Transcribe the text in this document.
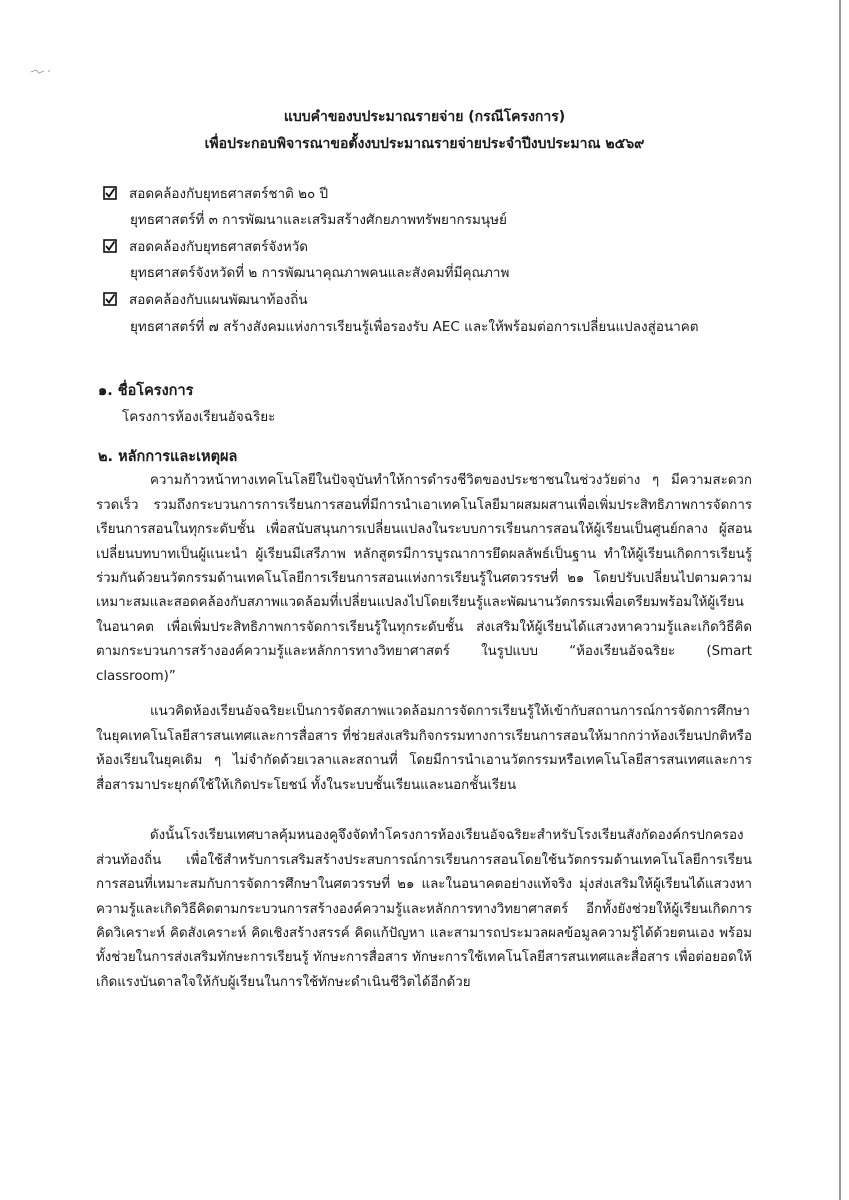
แบบคำของบประมาณรายจ่าย (กรณีโครงการ)
เพื่อประกอบพิจารณาขอตั้งงบประมาณรายจ่ายประจำปีงบประมาณ ๒๕๖๙
สอดคล้องกับยุทธศาสตร์ชาติ ๒๐ ปี
ยุทธศาสตร์ที่ ๓ การพัฒนาและเสริมสร้างศักยภาพทรัพยากรมนุษย์
สอดคล้องกับยุทธศาสตร์จังหวัด
ยุทธศาสตร์จังหวัดที่ ๒ การพัฒนาคุณภาพคนและสังคมที่มีคุณภาพ
สอดคล้องกับแผนพัฒนาท้องถิ่น
ยุทธศาสตร์ที่ ๗ สร้างสังคมแห่งการเรียนรู้เพื่อรองรับ AEC และให้พร้อมต่อการเปลี่ยนแปลงสู่อนาคต
๑. ชื่อโครงการ
โครงการห้องเรียนอัจฉริยะ
๒. หลักการและเหตุผล

ความก้าวหน้าทางเทคโนโลยีในปัจจุบันทำให้การดำรงชีวิตของประชาชนในช่วงวัยต่าง ๆ มีความสะดวก รวดเร็ว รวมถึงกระบวนการการเรียนการสอนที่มีการนำเอาเทคโนโลยีมาผสมผสานเพื่อเพิ่มประสิทธิภาพการจัดการเรียนการสอนในทุกระดับชั้น เพื่อสนับสนุนการเปลี่ยนแปลงในระบบการเรียนการสอนให้ผู้เรียนเป็นศูนย์กลาง ผู้สอนเปลี่ยนบทบาทเป็นผู้แนะนำ ผู้เรียนมีเสรีภาพ หลักสูตรมีการบูรณาการยึดผลลัพธ์เป็นฐาน ทำให้ผู้เรียนเกิดการเรียนรู้ร่วมกันด้วยนวัตกรรมด้านเทคโนโลยีการเรียนการสอนแห่งการเรียนรู้ในศตวรรษที่ ๒๑ โดยปรับเปลี่ยนไปตามความเหมาะสมและสอดคล้องกับสภาพแวดล้อมที่เปลี่ยนแปลงไปโดยเรียนรู้และพัฒนานวัตกรรมเพื่อเตรียมพร้อมให้ผู้เรียนในอนาคต เพื่อเพิ่มประสิทธิภาพการจัดการเรียนรู้ในทุกระดับชั้น ส่งเสริมให้ผู้เรียนได้แสวงหาความรู้และเกิดวิธีคิดตามกระบวนการสร้างองค์ความรู้และหลักการทางวิทยาศาสตร์ ในรูปแบบ “ห้องเรียนอัจฉริยะ (Smart classroom)”

แนวคิดห้องเรียนอัจฉริยะเป็นการจัดสภาพแวดล้อมการจัดการเรียนรู้ให้เข้ากับสถานการณ์การจัดการศึกษาในยุคเทคโนโลยีสารสนเทศและการสื่อสาร ที่ช่วยส่งเสริมกิจกรรมทางการเรียนการสอนให้มากกว่าห้องเรียนปกติหรือห้องเรียนในยุคเดิม ๆ ไม่จำกัดด้วยเวลาและสถานที่ โดยมีการนำเอานวัตกรรมหรือเทคโนโลยีสารสนเทศและการสื่อสารมาประยุกต์ใช้ให้เกิดประโยชน์ ทั้งในระบบชั้นเรียนและนอกชั้นเรียน

ดังนั้นโรงเรียนเทศบาลคุ้มหนองคูจึงจัดทำโครงการห้องเรียนอัจฉริยะสำหรับโรงเรียนสังกัดองค์กรปกครองส่วนท้องถิ่น เพื่อใช้สำหรับการเสริมสร้างประสบการณ์การเรียนการสอนโดยใช้นวัตกรรมด้านเทคโนโลยีการเรียนการสอนที่เหมาะสมกับการจัดการศึกษาในศตวรรษที่ ๒๑ และในอนาคตอย่างแท้จริง มุ่งส่งเสริมให้ผู้เรียนได้แสวงหาความรู้และเกิดวิธีคิดตามกระบวนการสร้างองค์ความรู้และหลักการทางวิทยาศาสตร์ อีกทั้งยังช่วยให้ผู้เรียนเกิดการคิดวิเคราะห์ คิดสังเคราะห์ คิดเชิงสร้างสรรค์ คิดแก้ปัญหา และสามารถประมวลผลข้อมูลความรู้ได้ด้วยตนเอง พร้อมทั้งช่วยในการส่งเสริมทักษะการเรียนรู้ ทักษะการสื่อสาร ทักษะการใช้เทคโนโลยีสารสนเทศและสื่อสาร เพื่อต่อยอดให้เกิดแรงบันดาลใจให้กับผู้เรียนในการใช้ทักษะดำเนินชีวิตได้อีกด้วย
